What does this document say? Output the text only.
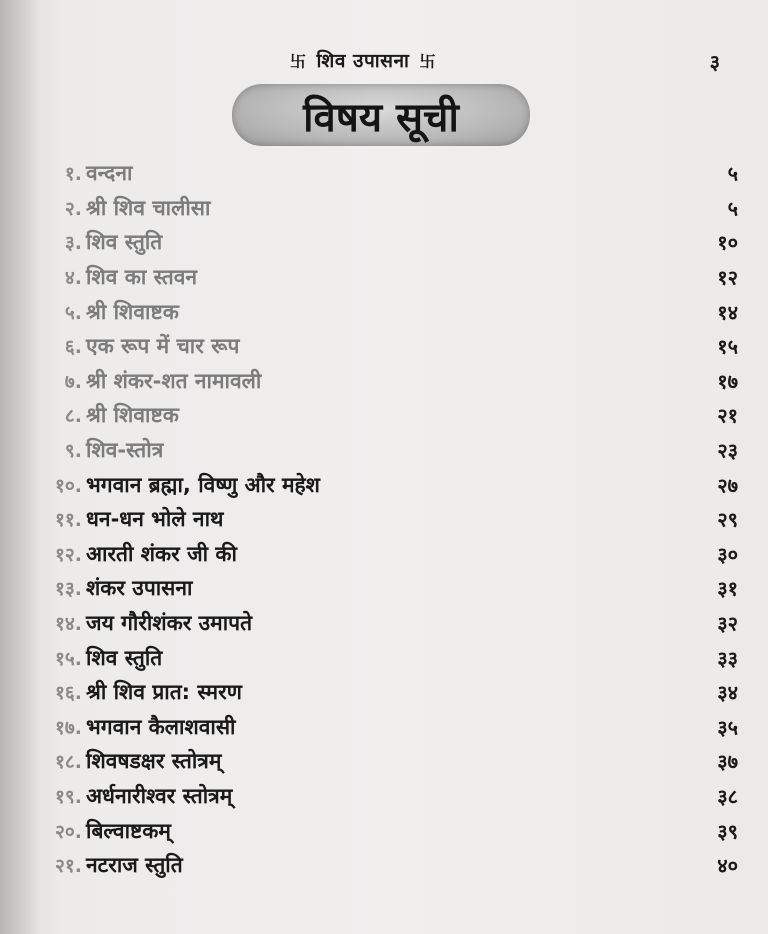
卐 शिव उपासना 卐	३
विषय सूची
१. वन्दना	५
२. श्री शिव चालीसा	५
३. शिव स्तुति	१०
४. शिव का स्तवन	१२
५. श्री शिवाष्टक	१४
६. एक रूप में चार रूप	१५
७. श्री शंकर-शत नामावली	१७
८. श्री शिवाष्टक	२१
९. शिव-स्तोत्र	२३
१०. भगवान ब्रह्मा, विष्णु और महेश	२७
११. धन-धन भोले नाथ	२९
१२. आरती शंकर जी की	३०
१३. शंकर उपासना	३१
१४. जय गौरीशंकर उमापते	३२
१५. शिव स्तुति	३३
१६. श्री शिव प्रात: स्मरण	३४
१७. भगवान कैलाशवासी	३५
१८. शिवषडक्षर स्तोत्रम्	३७
१९. अर्धनारीश्वर स्तोत्रम्	३८
२०. बिल्वाष्टकम्	३९
२१. नटराज स्तुति	४०
